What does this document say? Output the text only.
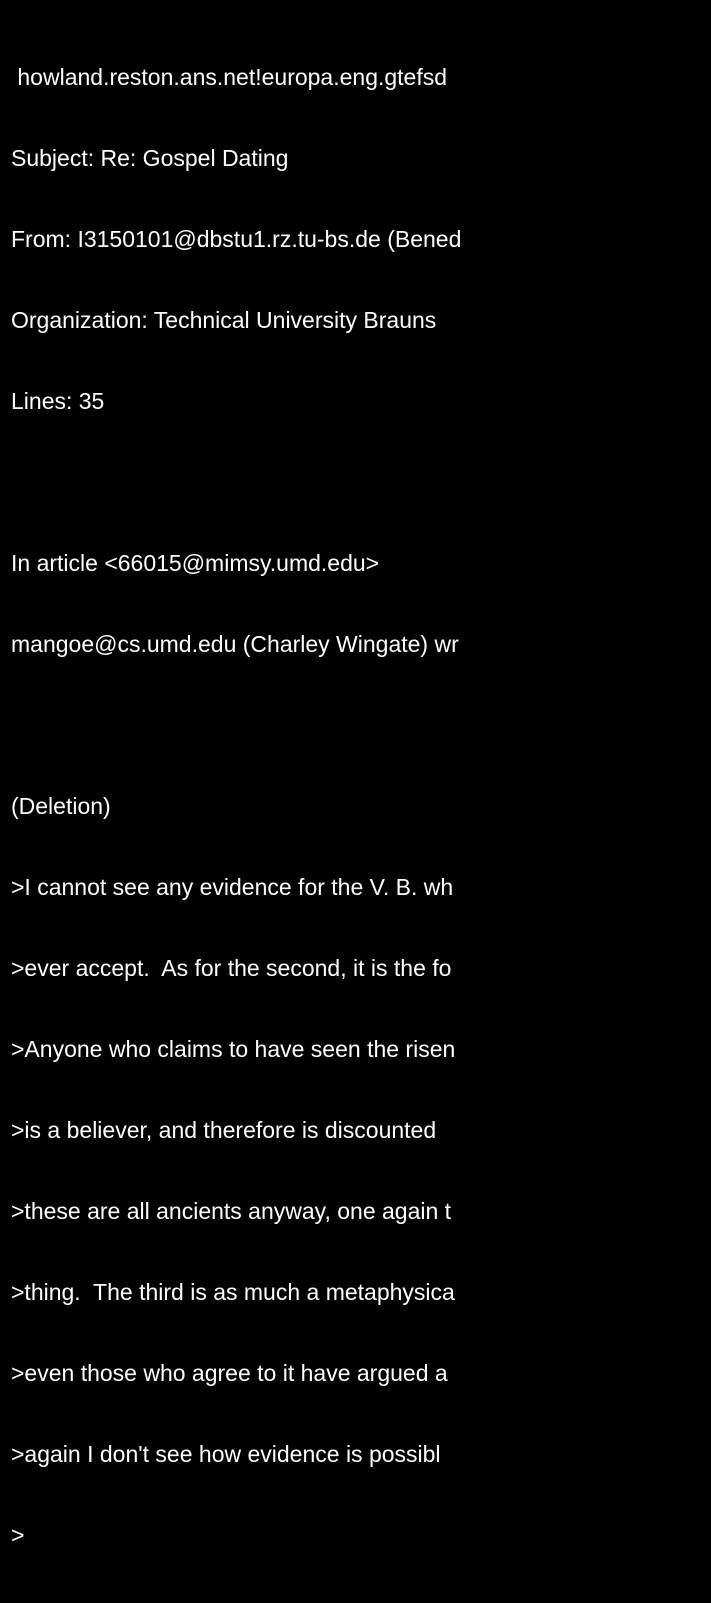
howland.reston.ans.net!europa.eng.gtefsd

Subject: Re: Gospel Dating

From: I3150101@dbstu1.rz.tu-bs.de (Bened

Organization: Technical University Brauns

Lines: 35

In article <66015@mimsy.umd.edu>

mangoe@cs.umd.edu (Charley Wingate) wr

(Deletion)

>I cannot see any evidence for the V. B. wh

>ever accept.  As for the second, it is the fo

>Anyone who claims to have seen the risen

>is a believer, and therefore is discounted

>these are all ancients anyway, one again t

>thing.  The third is as much a metaphysica

>even those who agree to it have argued a

>again I don't see how evidence is possibl

>
